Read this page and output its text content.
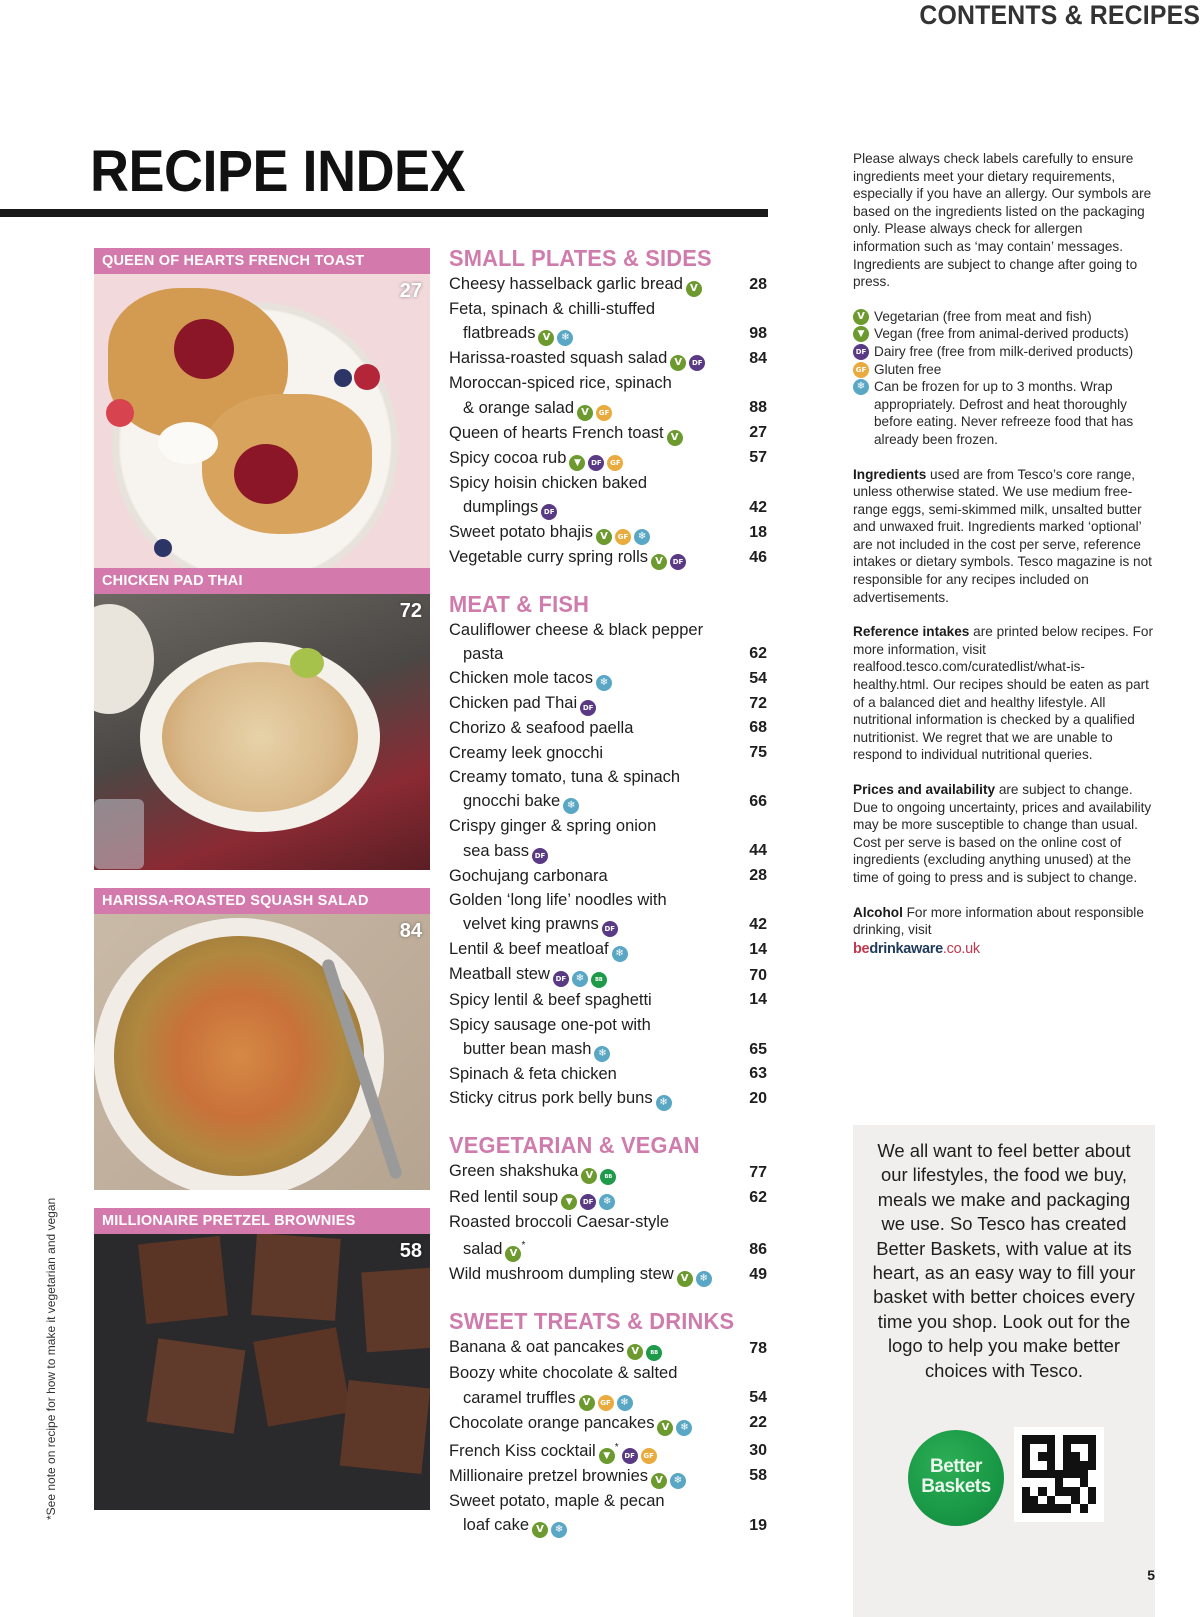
CONTENTS & RECIPES
RECIPE INDEX
QUEEN OF HEARTS FRENCH TOAST
27
CHICKEN PAD THAI
72
HARISSA-ROASTED SQUASH SALAD
84
MILLIONAIRE PRETZEL BROWNIES
58
*See note on recipe for how to make it vegetarian and vegan
SMALL PLATES & SIDES
Cheesy hasselback garlic bread V	28
Feta, spinach & chilli-stuffed
flatbreads V ❄	98
Harissa-roasted squash salad V DF	84
Moroccan-spiced rice, spinach
& orange salad V GF	88
Queen of hearts French toast V	27
Spicy cocoa rub ▼ DF GF	57
Spicy hoisin chicken baked
dumplings DF	42
Sweet potato bhajis V GF ❄	18
Vegetable curry spring rolls V DF	46
MEAT & FISH
Cauliflower cheese & black pepper
pasta	62
Chicken mole tacos ❄	54
Chicken pad Thai DF	72
Chorizo & seafood paella	68
Creamy leek gnocchi	75
Creamy tomato, tuna & spinach
gnocchi bake ❄	66
Crispy ginger & spring onion
sea bass DF	44
Gochujang carbonara	28
Golden ‘long life’ noodles with
velvet king prawns DF	42
Lentil & beef meatloaf ❄	14
Meatball stew DF ❄ BB	70
Spicy lentil & beef spaghetti	14
Spicy sausage one-pot with
butter bean mash ❄	65
Spinach & feta chicken	63
Sticky citrus pork belly buns ❄	20
VEGETARIAN & VEGAN
Green shakshuka V BB	77
Red lentil soup ▼ DF ❄	62
Roasted broccoli Caesar-style
salad V*	86
Wild mushroom dumpling stew V ❄	49
SWEET TREATS & DRINKS
Banana & oat pancakes V BB	78
Boozy white chocolate & salted
caramel truffles V GF ❄	54
Chocolate orange pancakes V ❄	22
French Kiss cocktail ▼*DF GF	30
Millionaire pretzel brownies V ❄	58
Sweet potato, maple & pecan
loaf cake V ❄	19

Please always check labels carefully to ensure ingredients meet your dietary requirements, especially if you have an allergy. Our symbols are based on the ingredients listed on the packaging only. Please always check for allergen information such as ‘may contain’ messages. Ingredients are subject to change after going to press.

V Vegetarian (free from meat and fish)
▼ Vegan (free from animal-derived products)
DF Dairy free (free from milk-derived products)
GF Gluten free
❄ Can be frozen for up to 3 months. Wrap appropriately. Defrost and heat thoroughly before eating. Never refreeze food that has already been frozen.

Ingredients used are from Tesco’s core range, unless otherwise stated. We use medium free-range eggs, semi-skimmed milk, unsalted butter and unwaxed fruit. Ingredients marked ‘optional’ are not included in the cost per serve, reference intakes or dietary symbols. Tesco magazine is not responsible for any recipes included on advertisements.

Reference intakes are printed below recipes. For more information, visit realfood.tesco.com/curatedlist/what-is-healthy.html. Our recipes should be eaten as part of a balanced diet and healthy lifestyle. All nutritional information is checked by a qualified nutritionist. We regret that we are unable to respond to individual nutritional queries.

Prices and availability are subject to change. Due to ongoing uncertainty, prices and availability may be more susceptible to change than usual. Cost per serve is based on the online cost of ingredients (excluding anything unused) at the time of going to press and is subject to change.

Alcohol For more information about responsible drinking, visit

bedrinkaware.co.uk
We all want to feel better about our lifestyles, the food we buy, meals we make and packaging we use. So Tesco has created Better Baskets, with value at its heart, as an easy way to fill your basket with better choices every time you shop. Look out for the logo to help you make better choices with Tesco.
Better
Baskets
5
